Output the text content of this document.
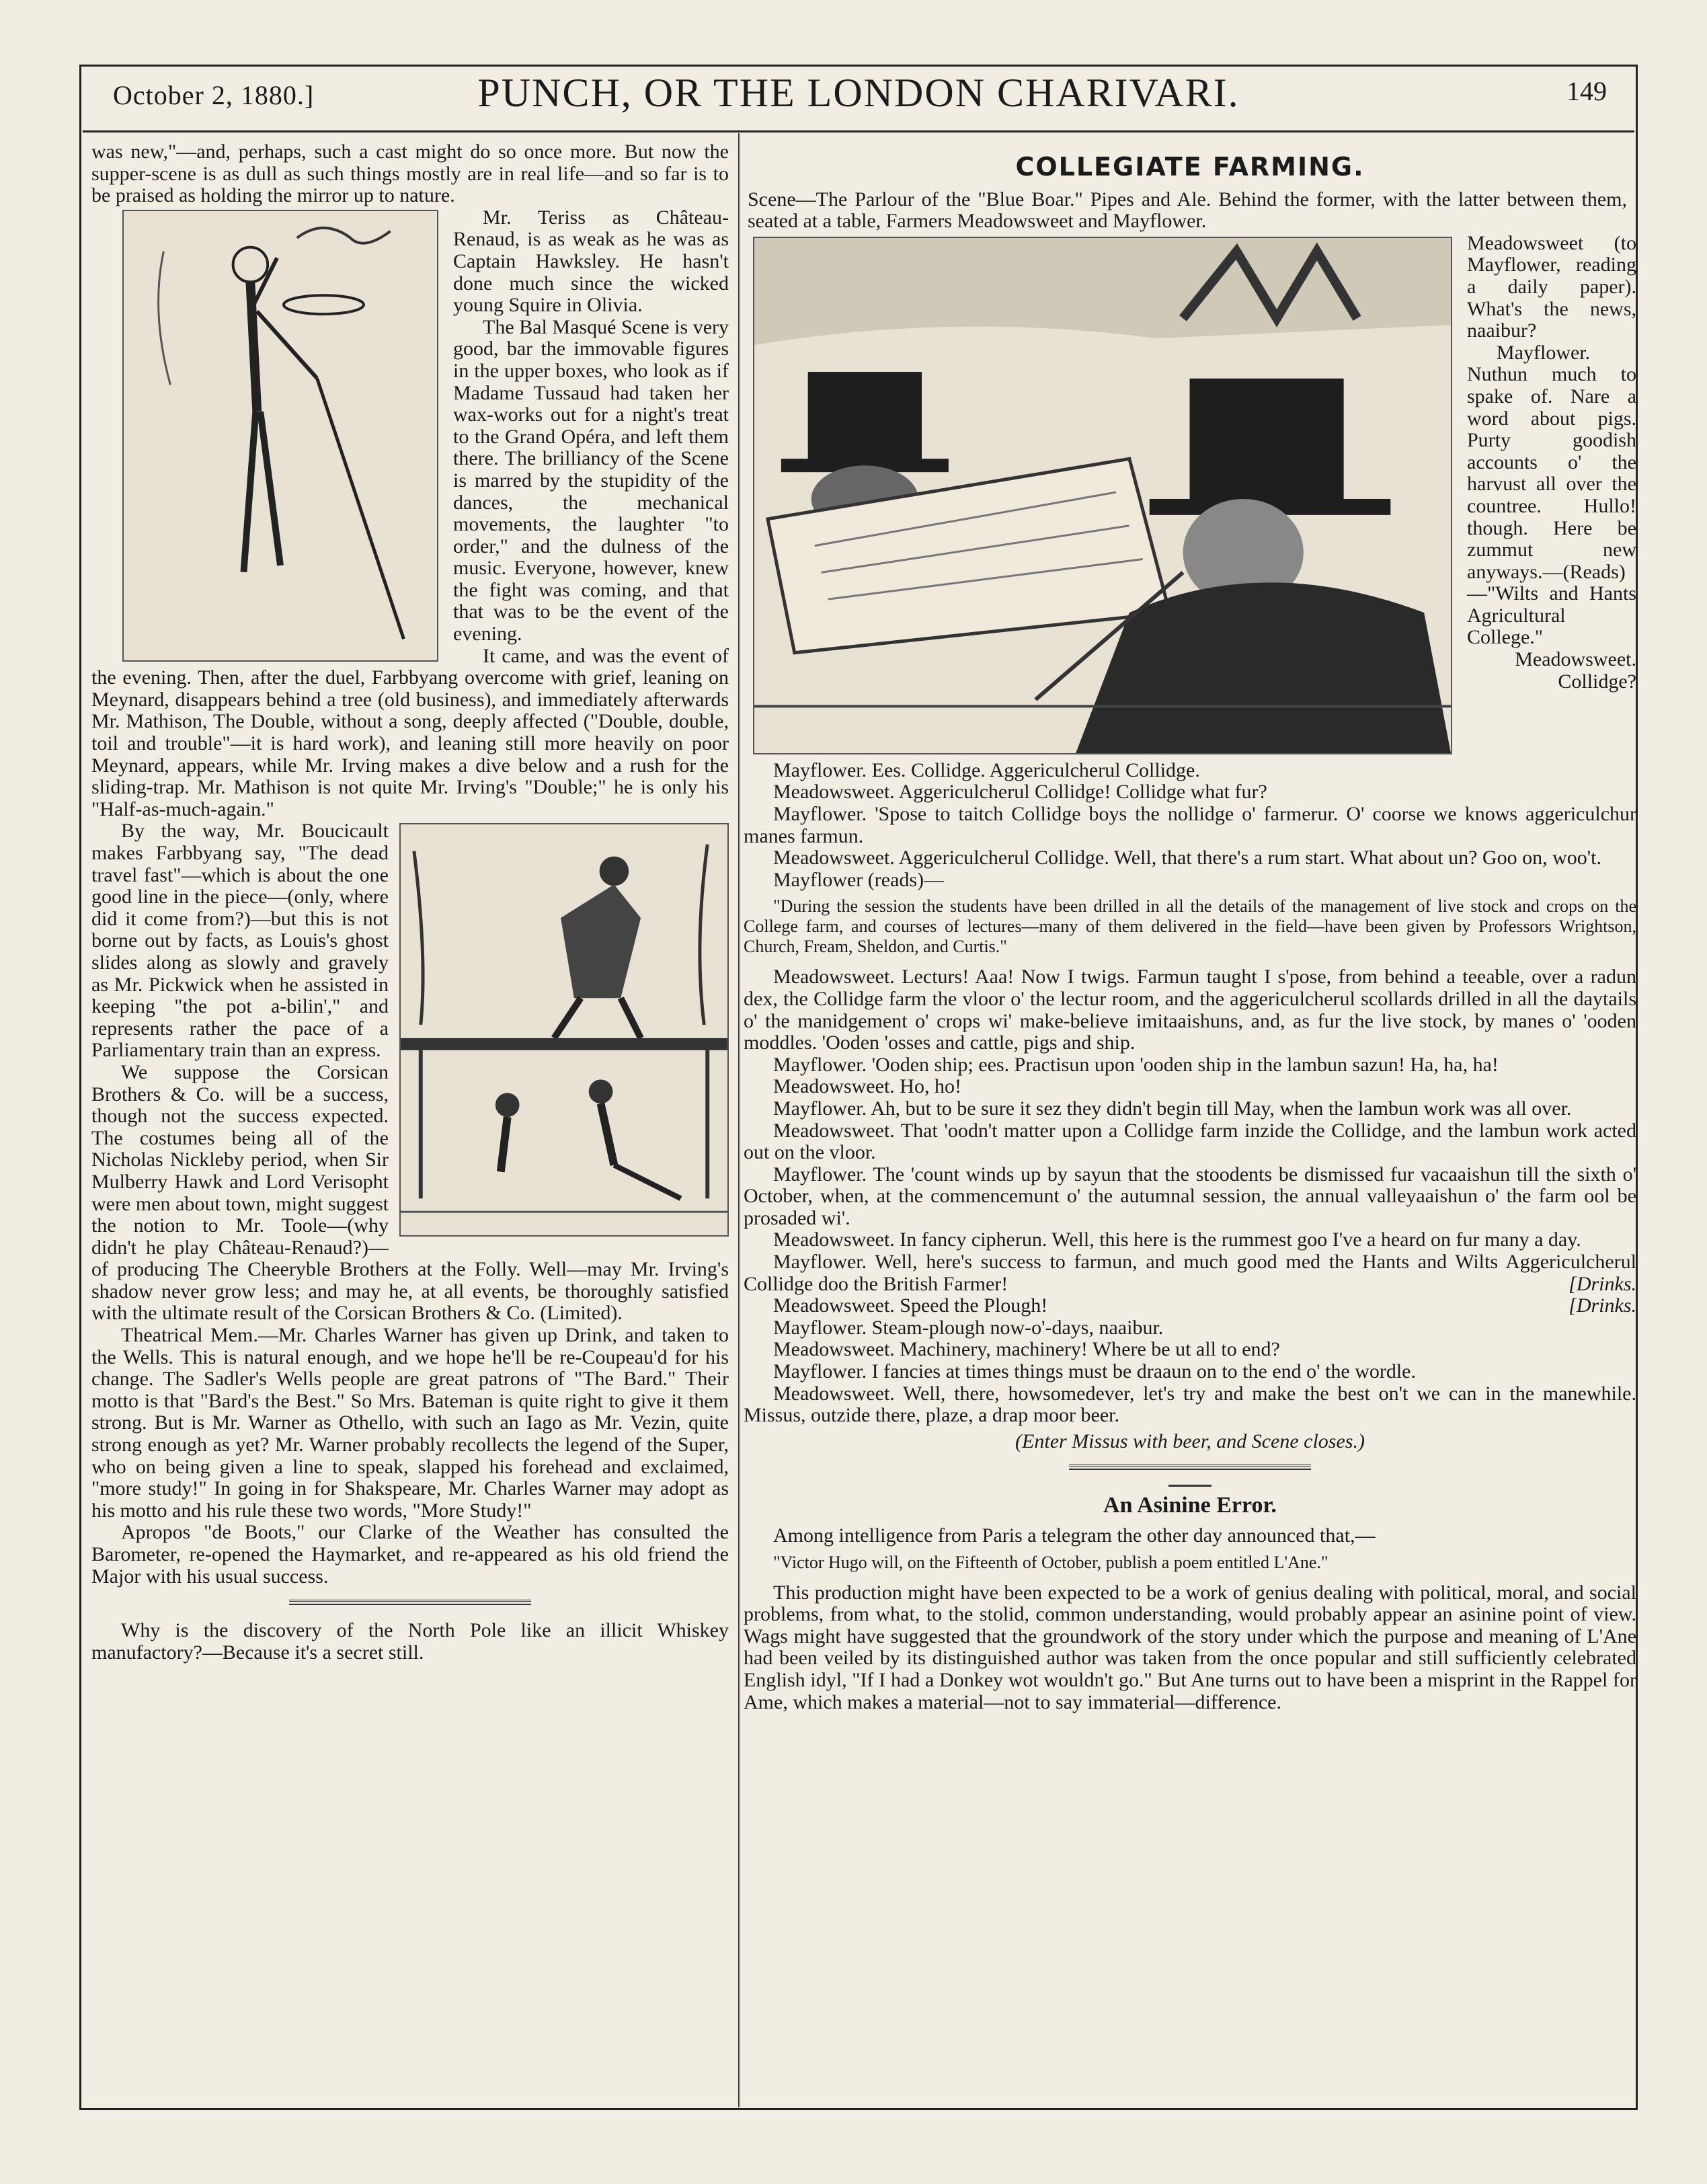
October 2, 1880.]	PUNCH, OR THE LONDON CHARIVARI.	149

was new,"—and, perhaps, such a cast might do so once more. But now the supper-scene is as dull as such things mostly are in real life—and so far is to be praised as holding the mirror up to nature.

Mr. Teriss as Château-Renaud, is as weak as he was as Captain Hawksley. He hasn't done much since the wicked young Squire in Olivia.

The Bal Masqué Scene is very good, bar the immovable figures in the upper boxes, who look as if Madame Tussaud had taken her wax-works out for a night's treat to the Grand Opéra, and left them there. The brilliancy of the Scene is marred by the stupidity of the dances, the mechanical movements, the laughter "to order," and the dulness of the music. Everyone, however, knew the fight was coming, and that that was to be the event of the evening.

It came, and was the event of the evening. Then, after the duel, Farbbyang overcome with grief, leaning on Meynard, disappears behind a tree (old business), and immediately afterwards Mr. Mathison, The Double, without a song, deeply affected ("Double, double, toil and trouble"—it is hard work), and leaning still more heavily on poor Meynard, appears, while Mr. Irving makes a dive below and a rush for the sliding-trap. Mr. Mathison is not quite Mr. Irving's "Double;" he is only his "Half-as-much-again."

By the way, Mr. Boucicault makes Farbbyang say, "The dead travel fast"—which is about the one good line in the piece—(only, where did it come from?)—but this is not borne out by facts, as Louis's ghost slides along as slowly and gravely as Mr. Pickwick when he assisted in keeping "the pot a-bilin'," and represents rather the pace of a Parliamentary train than an express.

We suppose the Corsican Brothers & Co. will be a success, though not the success expected. The costumes being all of the Nicholas Nickleby period, when Sir Mulberry Hawk and Lord Verisopht were men about town, might suggest the notion to Mr. Toole—(why didn't he play Château-Renaud?)—of producing The Cheeryble Brothers at the Folly. Well—may Mr. Irving's shadow never grow less; and may he, at all events, be thoroughly satisfied with the ultimate result of the Corsican Brothers & Co. (Limited).

Theatrical Mem.—Mr. Charles Warner has given up Drink, and taken to the Wells. This is natural enough, and we hope he'll be re-Coupeau'd for his change. The Sadler's Wells people are great patrons of "The Bard." Their motto is that "Bard's the Best." So Mrs. Bateman is quite right to give it them strong. But is Mr. Warner as Othello, with such an Iago as Mr. Vezin, quite strong enough as yet? Mr. Warner probably recollects the legend of the Super, who on being given a line to speak, slapped his forehead and exclaimed, "more study!" In going in for Shakspeare, Mr. Charles Warner may adopt as his motto and his rule these two words, "More Study!"

Apropos "de Boots," our Clarke of the Weather has consulted the Barometer, re-opened the Haymarket, and re-appeared as his old friend the Major with his usual success.

Why is the discovery of the North Pole like an illicit Whiskey manufactory?—Because it's a secret still.

COLLEGIATE FARMING.

Scene—The Parlour of the "Blue Boar." Pipes and Ale. Behind the former, with the latter between them, seated at a table, Farmers Meadowsweet and Mayflower.

Meadowsweet (to Mayflower, reading a daily paper). What's the news, naaibur?

Mayflower. Nuthun much to spake of. Nare a word about pigs. Purty goodish accounts o' the harvust all over the countree. Hullo! though. Here be zummut new anyways.—(Reads)—"Wilts and Hants Agricultural College."

Meadowsweet. Collidge?

Mayflower. Ees. Collidge. Aggericulcherul Collidge.

Meadowsweet. Aggericulcherul Collidge! Collidge what fur?

Mayflower. 'Spose to taitch Collidge boys the nollidge o' farmerur. O' coorse we knows aggericulchur manes farmun.

Meadowsweet. Aggericulcherul Collidge. Well, that there's a rum start. What about un? Goo on, woo't.

Mayflower (reads)—

"During the session the students have been drilled in all the details of the management of live stock and crops on the College farm, and courses of lectures—many of them delivered in the field—have been given by Professors Wrightson, Church, Fream, Sheldon, and Curtis."

Meadowsweet. Lecturs! Aaa! Now I twigs. Farmun taught I s'pose, from behind a teeable, over a radun dex, the Collidge farm the vloor o' the lectur room, and the aggericulcherul scollards drilled in all the daytails o' the manidgement o' crops wi' make-believe imitaaishuns, and, as fur the live stock, by manes o' 'ooden moddles. 'Ooden 'osses and cattle, pigs and ship.

Mayflower. 'Ooden ship; ees. Practisun upon 'ooden ship in the lambun sazun! Ha, ha, ha!

Meadowsweet. Ho, ho!

Mayflower. Ah, but to be sure it sez they didn't begin till May, when the lambun work was all over.

Meadowsweet. That 'oodn't matter upon a Collidge farm inzide the Collidge, and the lambun work acted out on the vloor.

Mayflower. The 'count winds up by sayun that the stoodents be dismissed fur vacaaishun till the sixth o' October, when, at the commencemunt o' the autumnal session, the annual valleyaaishun o' the farm ool be prosaded wi'.

Meadowsweet. In fancy cipherun. Well, this here is the rummest goo I've a heard on fur many a day.

Mayflower. Well, here's success to farmun, and much good med the Hants and Wilts Aggericulcherul Collidge doo the British Farmer!	[Drinks.

Meadowsweet. Speed the Plough!	[Drinks.

Mayflower. Steam-plough now-o'-days, naaibur.

Meadowsweet. Machinery, machinery! Where be ut all to end?

Mayflower. I fancies at times things must be draaun on to the end o' the wordle.

Meadowsweet. Well, there, howsomedever, let's try and make the best on't we can in the manewhile. Missus, outzide there, plaze, a drap moor beer.

(Enter Missus with beer, and Scene closes.)

An Asinine Error.

Among intelligence from Paris a telegram the other day announced that,—

"Victor Hugo will, on the Fifteenth of October, publish a poem entitled L'Ane."

This production might have been expected to be a work of genius dealing with political, moral, and social problems, from what, to the stolid, common understanding, would probably appear an asinine point of view. Wags might have suggested that the groundwork of the story under which the purpose and meaning of L'Ane had been veiled by its distinguished author was taken from the once popular and still sufficiently celebrated English idyl, "If I had a Donkey wot wouldn't go." But Ane turns out to have been a misprint in the Rappel for Ame, which makes a material—not to say immaterial—difference.
